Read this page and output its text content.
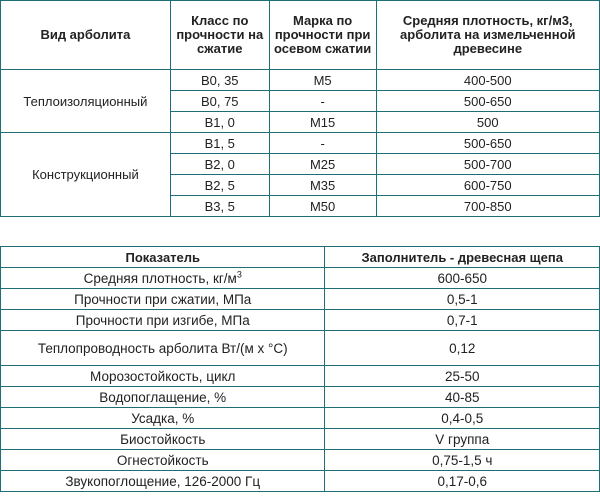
Вид арболита	Класс по прочности на сжатие	Марка по прочности при осевом сжатии	Средняя плотность, кг/м3, арболита на измельченной древесине
Теплоизоляционный	B0, 35	M5	400-500
	B0, 75	-	500-650
	B1, 0	M15	500
Конструкционный	B1, 5	-	500-650
	B2, 0	M25	500-700
	B2, 5	M35	600-750
	B3, 5	M50	700-850
Показатель	Заполнитель - древесная щепа
Средняя плотность, $кг/м^3$	600-650
Прочности при сжатии, МПа	0,5-1
Прочности при изгибе, МПа	0,7-1
Теплопроводность арболита Вт/(м х °С)	0,12
Морозостойкость, цикл	25-50
Водопоглащение, %	40-85
Усадка, %	0,4-0,5
Биостойкость	V группа
Огнестойкость	0,75-1,5 ч
Звукопоглощение, 126-2000 Гц	0,17-0,6
